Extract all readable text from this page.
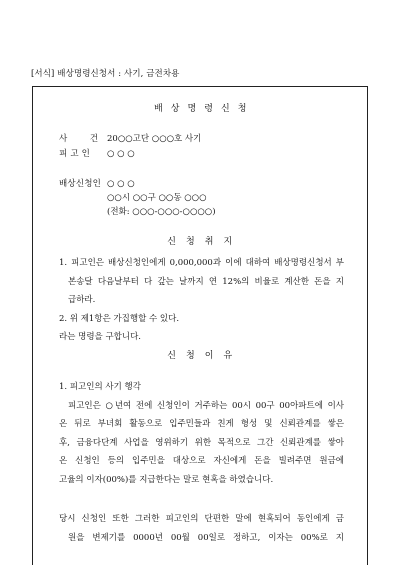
[서식] 배상명령신청서 : 사기, 금전차용
배 상 명 령 신 청
사 건20○○고단 ○○○호 사기
피 고 인 ○ ○ ○
배상신청인 ○ ○ ○
○○시 ○○구 ○○동 ○○○
(전화: ○○○-○○○-○○○○)
신 청 취 지
1. 피고인은 배상신청인에게 0,000,000과 이에 대하여 배상명령신청서 부
본송달 다음날부터 다 갚는 날까지 연 12%의 비율로 계산한 돈을 지
급하라.
2. 위 제1항은 가집행할 수 있다.
라는 명령을 구합니다.
신 청 이 유
1. 피고인의 사기 행각
피고인은 ○년여 전에 신청인이 거주하는 00시 00구 00아파트에 이사
온 뒤로 부녀회 활동으로 입주민들과 친게 형성 및 신뢰관계를 쌓은
후, 금융다단계 사업을 영위하기 위한 목적으로 그간 신뢰관계를 쌓아
온 신청인 등의 입주민을 대상으로 자신에게 돈을 빌려주면 원금에
고율의 이자(00%)를 지급한다는 말로 현혹을 하였습니다.
당시 신청인 또한 그러한 피고인의 단편한 말에 현혹되어 동인에게 금
원을 변제기를 0000년 00월 00일로 정하고, 이자는 00%로 지
